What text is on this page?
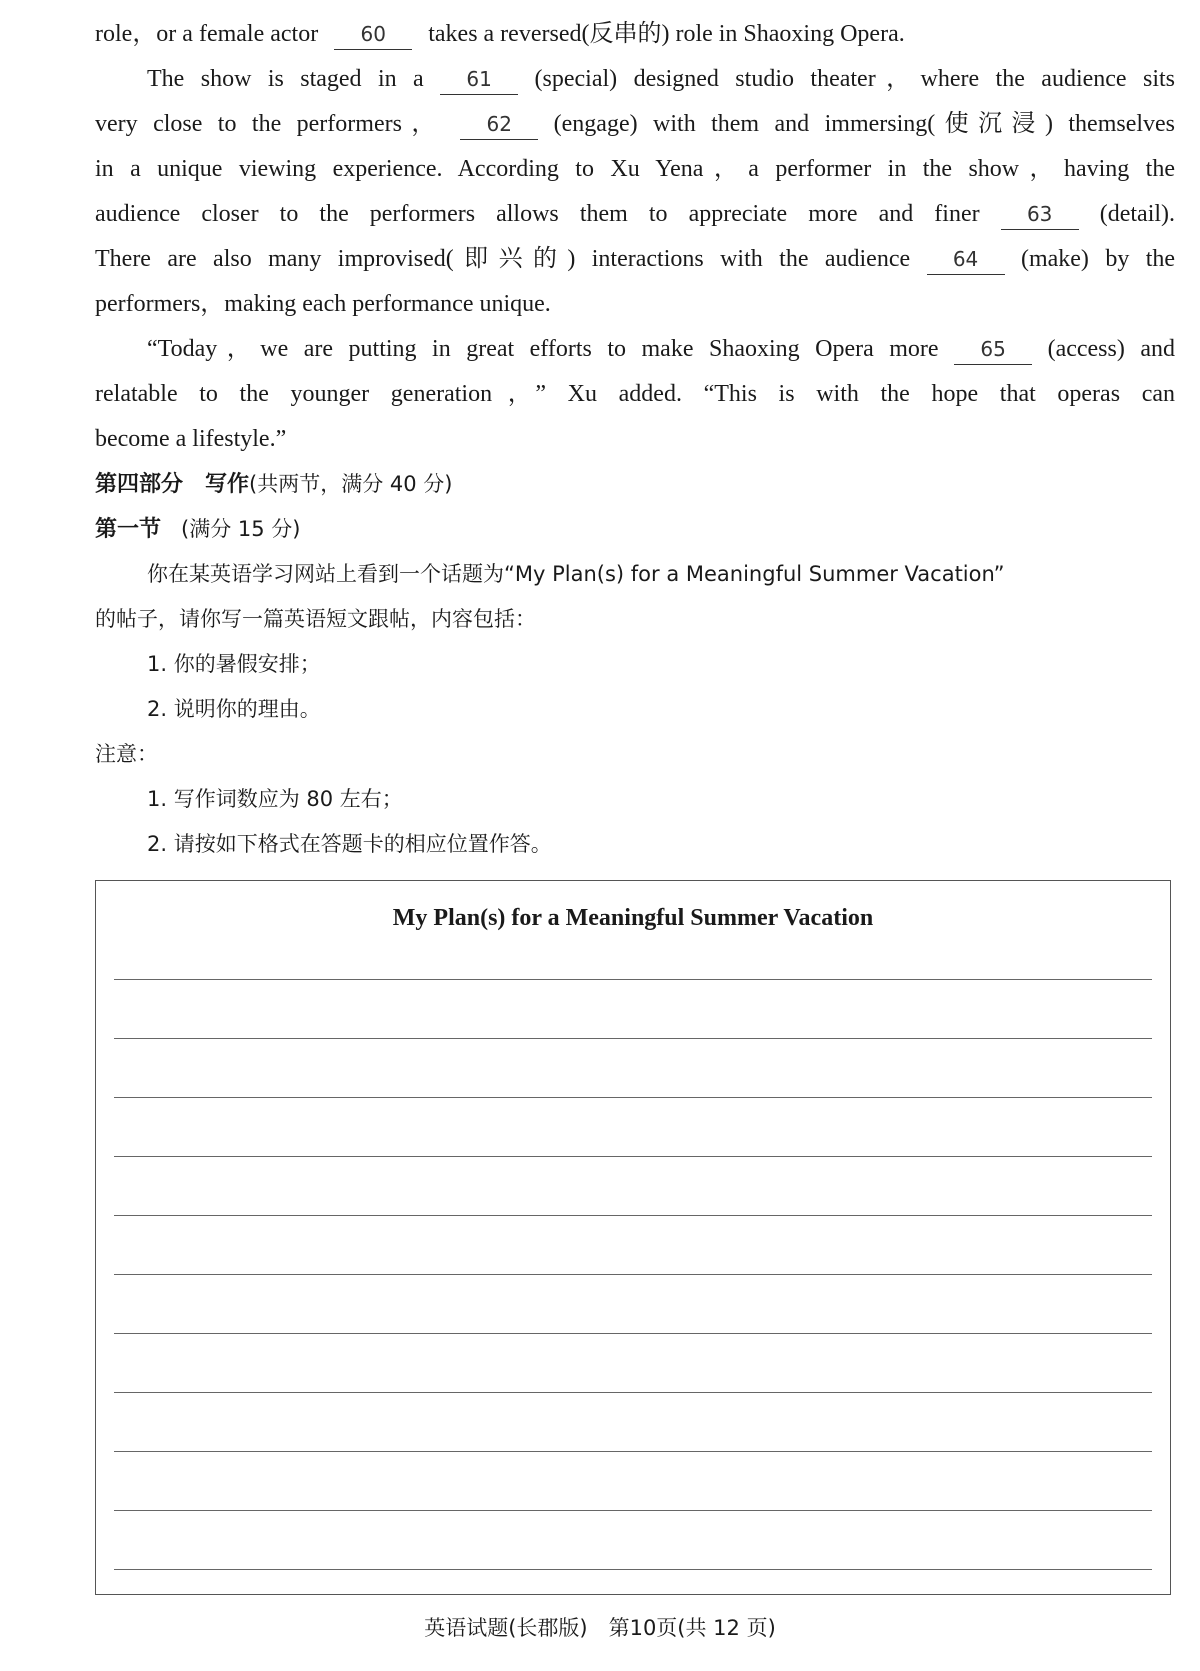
role，or a female actor 60 takes a reversed(反串的) role in Shaoxing Opera.
The show is staged in a 61 (special) designed studio theater，where the audience sits
very close to the performers， 62 (engage) with them and immersing(使沉浸) themselves
in a unique viewing experience. According to Xu Yena，a performer in the show，having the
audience closer to the performers allows them to appreciate more and finer 63 (detail).
There are also many improvised(即兴的) interactions with the audience 64 (make) by the
performers，making each performance unique.
“Today，we are putting in great efforts to make Shaoxing Opera more 65 (access) and
relatable to the younger generation，” Xu added. “This is with the hope that operas can
become a lifestyle.”
第四部分　写作(共两节，满分 40 分)
第一节 (满分 15 分)
你在某英语学习网站上看到一个话题为“My Plan(s) for a Meaningful Summer Vacation”
的帖子，请你写一篇英语短文跟帖，内容包括：
1. 你的暑假安排；
2. 说明你的理由。
注意：
1. 写作词数应为 80 左右；
2. 请按如下格式在答题卡的相应位置作答。
My Plan(s) for a Meaningful Summer Vacation
英语试题(长郡版)　第10页(共 12 页)
